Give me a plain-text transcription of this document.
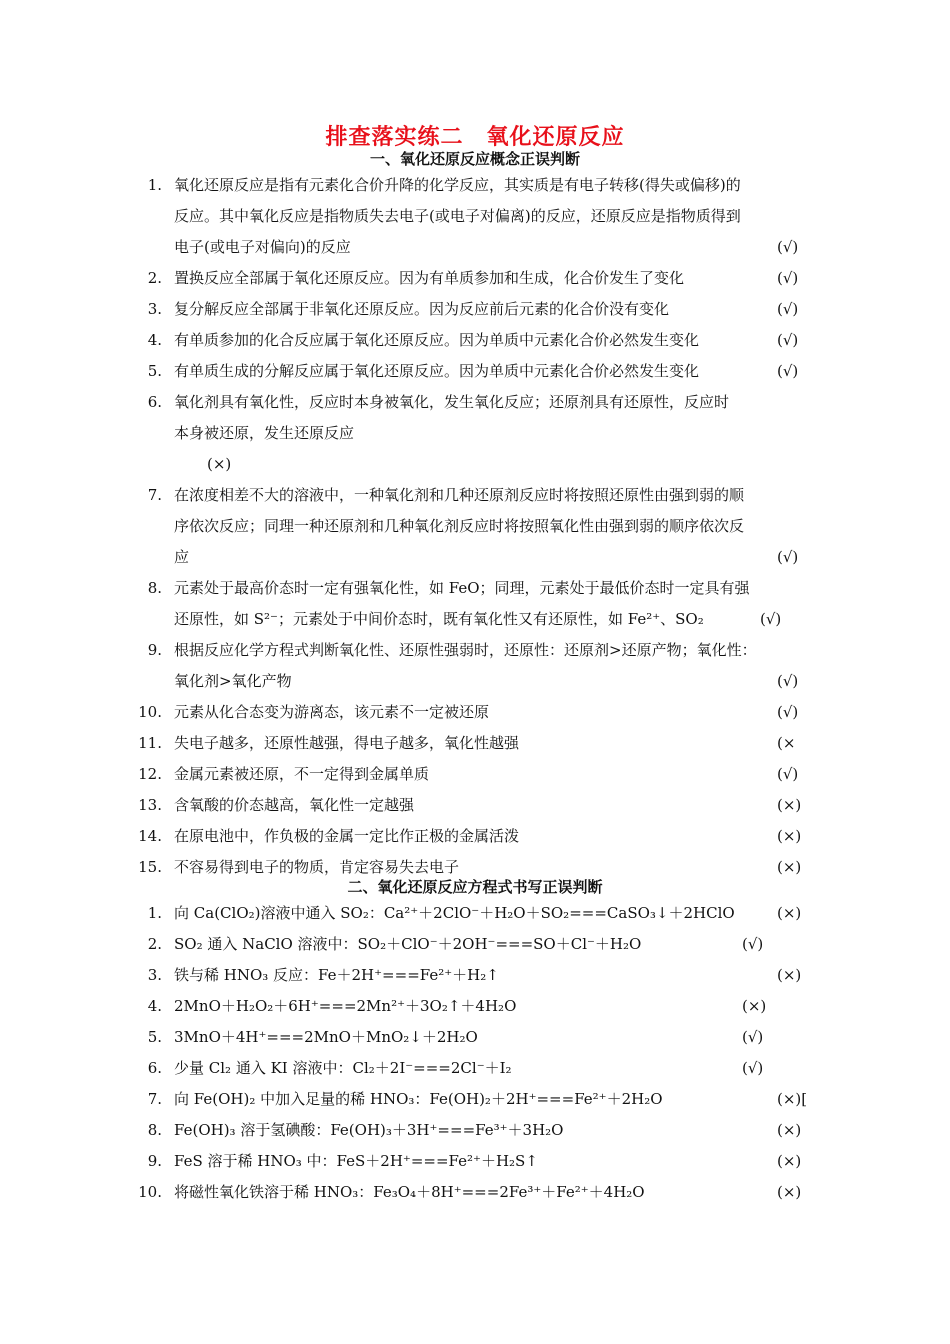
排查落实练二　氧化还原反应
一、氧化还原反应概念正误判断
1. 氧化还原反应是指有元素化合价升降的化学反应，其实质是有电子转移(得失或偏移)的
反应。其中氧化反应是指物质失去电子(或电子对偏离)的反应，还原反应是指物质得到
电子(或电子对偏向)的反应	(√)
2. 置换反应全部属于氧化还原反应。因为有单质参加和生成，化合价发生了变化	(√)
3. 复分解反应全部属于非氧化还原反应。因为反应前后元素的化合价没有变化	(√)
4. 有单质参加的化合反应属于氧化还原反应。因为单质中元素化合价必然发生变化	(√)
5. 有单质生成的分解反应属于氧化还原反应。因为单质中元素化合价必然发生变化	(√)
6. 氧化剂具有氧化性，反应时本身被氧化，发生氧化反应；还原剂具有还原性，反应时
本身被还原，发生还原反应
(×)
7. 在浓度相差不大的溶液中，一种氧化剂和几种还原剂反应时将按照还原性由强到弱的顺
序依次反应；同理一种还原剂和几种氧化剂反应时将按照氧化性由强到弱的顺序依次反
应	(√)
8. 元素处于最高价态时一定有强氧化性，如 FeO；同理，元素处于最低价态时一定具有强
还原性，如 S²⁻；元素处于中间价态时，既有氧化性又有还原性，如 Fe²⁺、SO₂	(√)
9. 根据反应化学方程式判断氧化性、还原性强弱时，还原性：还原剂>还原产物；氧化性：
氧化剂>氧化产物	(√)
10. 元素从化合态变为游离态，该元素不一定被还原	(√)
11. 失电子越多，还原性越强，得电子越多，氧化性越强	(×
12. 金属元素被还原，不一定得到金属单质	(√)
13. 含氧酸的价态越高，氧化性一定越强	(×)
14. 在原电池中，作负极的金属一定比作正极的金属活泼	(×)
15. 不容易得到电子的物质，肯定容易失去电子	(×)
二、氧化还原反应方程式书写正误判断
1. 向 Ca(ClO₂)溶液中通入 SO₂：Ca²⁺＋2ClO⁻＋H₂O＋SO₂===CaSO₃↓＋2HClO	(×)
2. SO₂ 通入 NaClO 溶液中：SO₂＋ClO⁻＋2OH⁻===SO＋Cl⁻＋H₂O	(√)
3. 铁与稀 HNO₃ 反应：Fe＋2H⁺===Fe²⁺＋H₂↑	(×)
4. 2MnO＋H₂O₂＋6H⁺===2Mn²⁺＋3O₂↑＋4H₂O	(×)
5. 3MnO＋4H⁺===2MnO＋MnO₂↓＋2H₂O	(√)
6. 少量 Cl₂ 通入 KI 溶液中：Cl₂＋2I⁻===2Cl⁻＋I₂	(√)
7. 向 Fe(OH)₂ 中加入足量的稀 HNO₃：Fe(OH)₂＋2H⁺===Fe²⁺＋2H₂O	(×)[
8. Fe(OH)₃ 溶于氢碘酸：Fe(OH)₃＋3H⁺===Fe³⁺＋3H₂O	(×)
9. FeS 溶于稀 HNO₃ 中：FeS＋2H⁺===Fe²⁺＋H₂S↑	(×)
10. 将磁性氧化铁溶于稀 HNO₃：Fe₃O₄＋8H⁺===2Fe³⁺＋Fe²⁺＋4H₂O	(×)
